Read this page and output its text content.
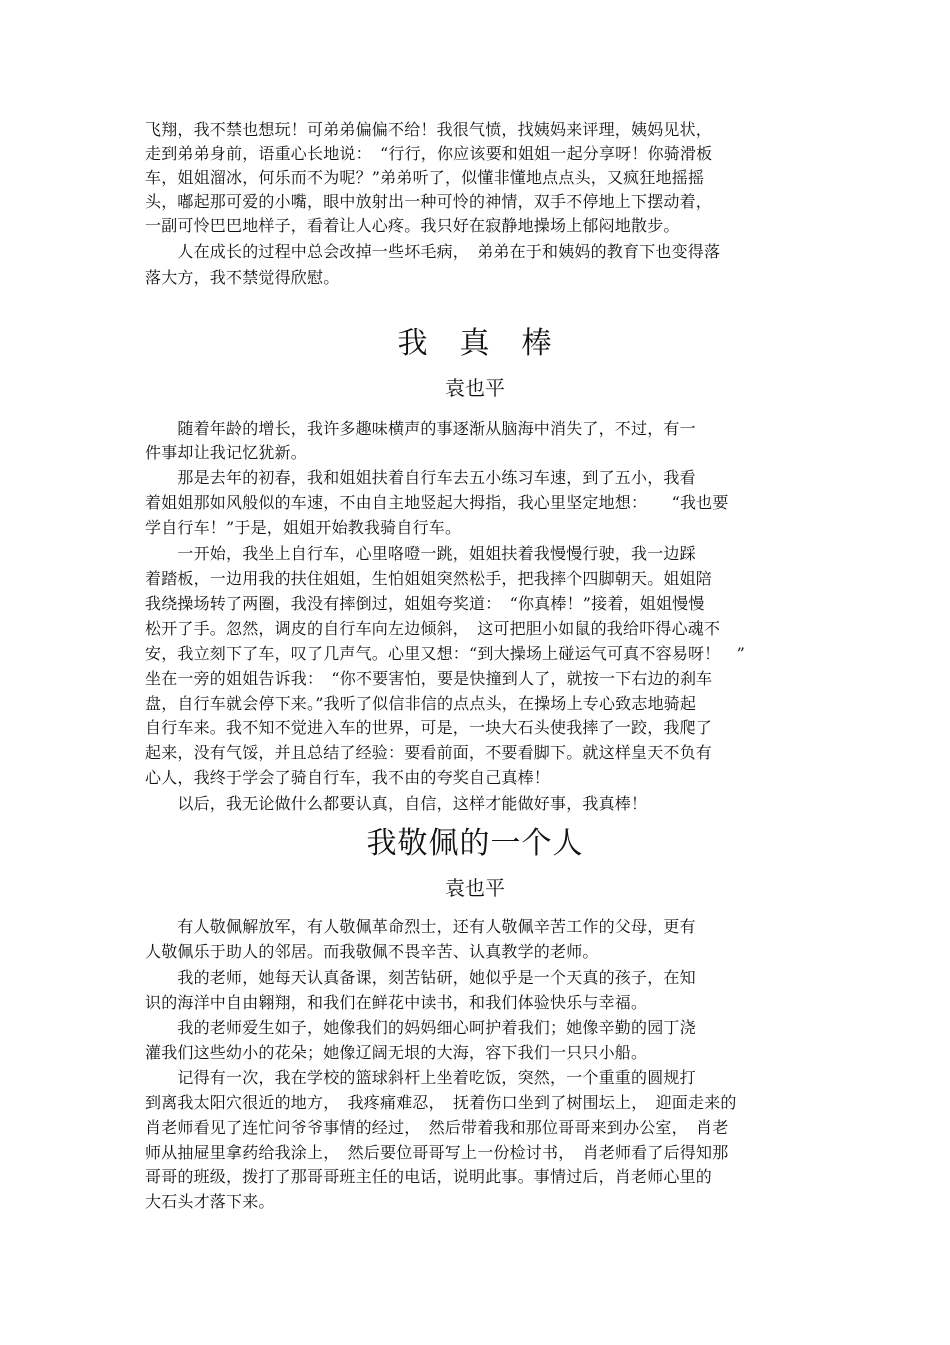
飞翔，我不禁也想玩！可弟弟偏偏不给！我很气愤，找姨妈来评理，姨妈见状，
走到弟弟身前，语重心长地说：　“行行，你应该要和姐姐一起分享呀！你骑滑板
车，姐姐溜冰，何乐而不为呢？”弟弟听了，似懂非懂地点点头，又疯狂地摇摇
头，嘟起那可爱的小嘴，眼中放射出一种可怜的神情，双手不停地上下摆动着，
一副可怜巴巴地样子，看着让人心疼。我只好在寂静地操场上郁闷地散步。
　　人在成长的过程中总会改掉一些坏毛病，　弟弟在于和姨妈的教育下也变得落
落大方，我不禁觉得欣慰。
我　真　棒
袁也平
　　随着年龄的增长，我许多趣味横声的事逐渐从脑海中消失了，不过，有一
件事却让我记忆犹新。
　　那是去年的初春，我和姐姐扶着自行车去五小练习车速，到了五小，我看
着姐姐那如风般似的车速，不由自主地竖起大拇指，我心里坚定地想：　　“我也要
学自行车！”于是，姐姐开始教我骑自行车。
　　一开始，我坐上自行车，心里咯噔一跳，姐姐扶着我慢慢行驶，我一边踩
着踏板，一边用我的扶住姐姐，生怕姐姐突然松手，把我摔个四脚朝天。姐姐陪
我绕操场转了两圈，我没有摔倒过，姐姐夸奖道：　“你真棒！”接着，姐姐慢慢
松开了手。忽然，调皮的自行车向左边倾斜，　这可把胆小如鼠的我给吓得心魂不
安，我立刻下了车，叹了几声气。心里又想：“到大操场上碰运气可真不容易呀！　”
坐在一旁的姐姐告诉我：　“你不要害怕，要是快撞到人了，就按一下右边的刹车
盘，自行车就会停下来。”我听了似信非信的点点头，在操场上专心致志地骑起
自行车来。我不知不觉进入车的世界，可是，一块大石头使我摔了一跤，我爬了
起来，没有气馁，并且总结了经验：要看前面，不要看脚下。就这样皇天不负有
心人，我终于学会了骑自行车，我不由的夸奖自己真棒！
　　以后，我无论做什么都要认真，自信，这样才能做好事，我真棒！
我敬佩的一个人
袁也平
　　有人敬佩解放军，有人敬佩革命烈士，还有人敬佩辛苦工作的父母，更有
人敬佩乐于助人的邻居。而我敬佩不畏辛苦、认真教学的老师。
　　我的老师，她每天认真备课，刻苦钻研，她似乎是一个天真的孩子，在知
识的海洋中自由翱翔，和我们在鲜花中读书，和我们体验快乐与幸福。
　　我的老师爱生如子，她像我们的妈妈细心呵护着我们；她像辛勤的园丁浇
灌我们这些幼小的花朵；她像辽阔无垠的大海，容下我们一只只小船。
　　记得有一次，我在学校的篮球斜杆上坐着吃饭，突然，一个重重的圆规打
到离我太阳穴很近的地方，　我疼痛难忍，　抚着伤口坐到了树围坛上，　迎面走来的
肖老师看见了连忙问爷爷事情的经过，　然后带着我和那位哥哥来到办公室，　肖老
师从抽屉里拿药给我涂上，　然后要位哥哥写上一份检讨书，　肖老师看了后得知那
哥哥的班级，拨打了那哥哥班主任的电话，说明此事。事情过后，肖老师心里的
大石头才落下来。
